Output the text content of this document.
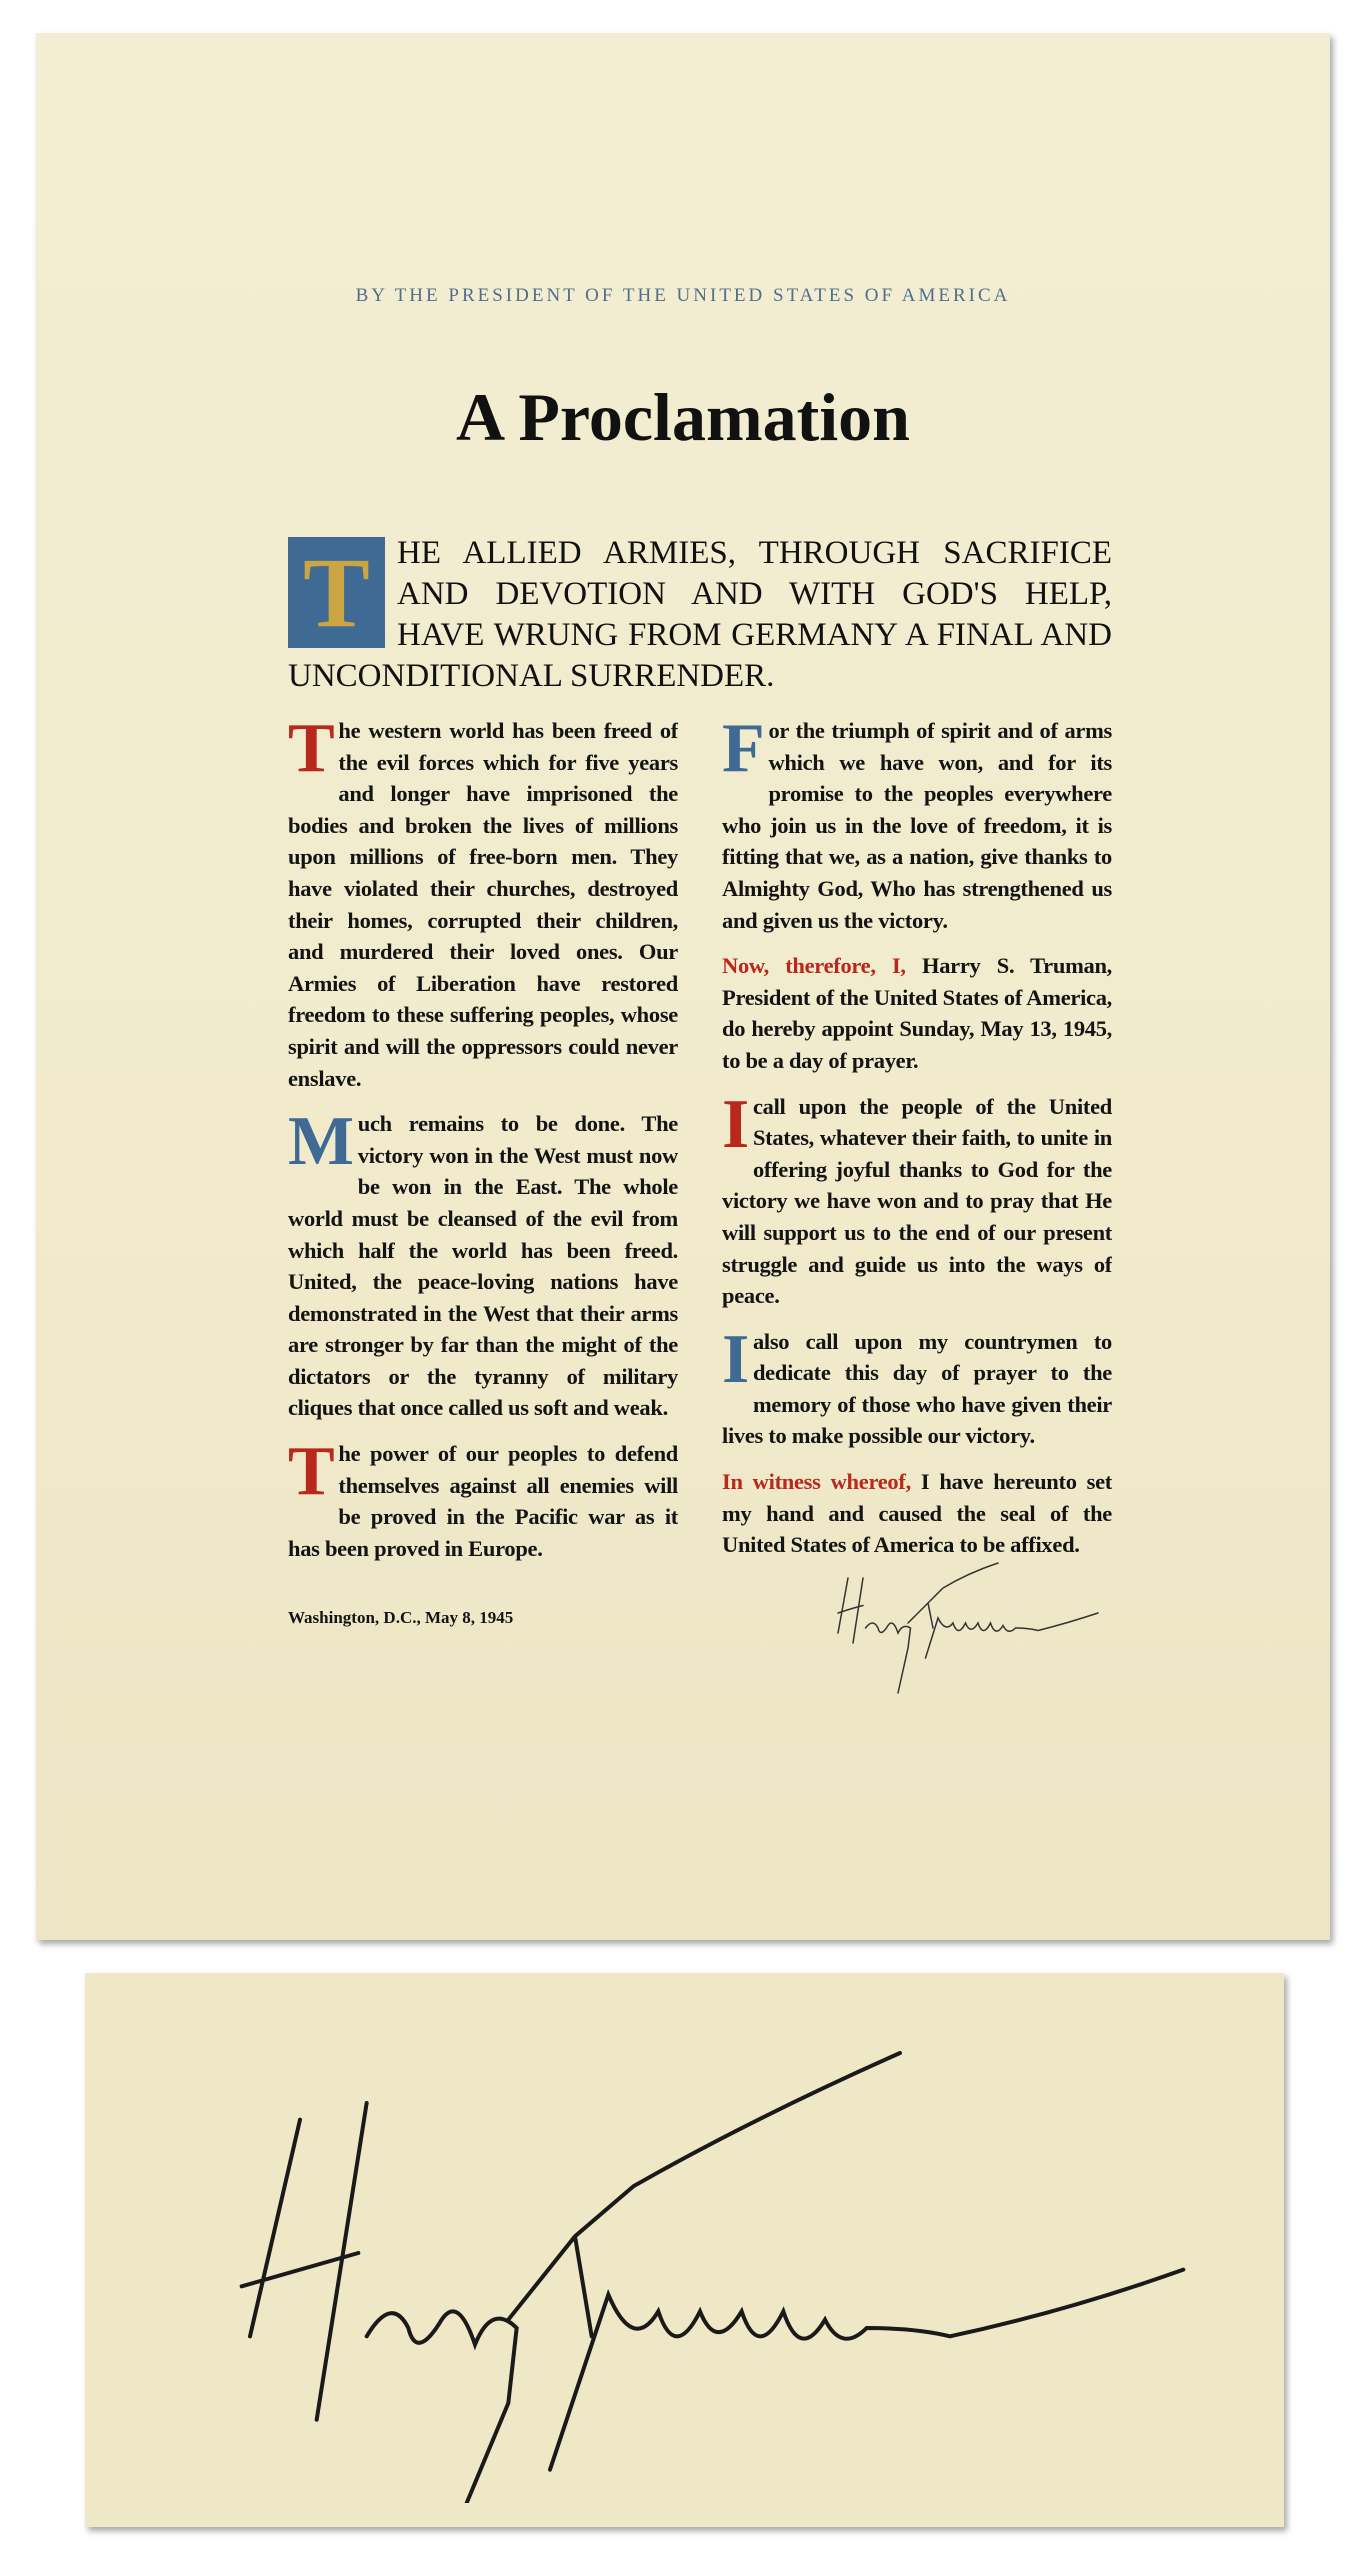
BY THE PRESIDENT OF THE UNITED STATES OF AMERICA
A Proclamation
T HE ALLIED ARMIES, THROUGH SACRIFICE AND DEVOTION AND WITH GOD'S HELP, HAVE WRUNG FROM GERMANY A FINAL AND UNCONDITIONAL SURRENDER.

The western world has been freed of the evil forces which for five years and longer have imprisoned the bodies and broken the lives of millions upon millions of free-born men. They have violated their churches, destroyed their homes, corrupted their children, and murdered their loved ones. Our Armies of Liberation have restored freedom to these suffering peoples, whose spirit and will the oppressors could never enslave.

Much remains to be done. The victory won in the West must now be won in the East. The whole world must be cleansed of the evil from which half the world has been freed. United, the peace-loving nations have demonstrated in the West that their arms are stronger by far than the might of the dictators or the tyranny of military cliques that once called us soft and weak.

The power of our peoples to defend themselves against all enemies will be proved in the Pacific war as it has been proved in Europe.

For the triumph of spirit and of arms which we have won, and for its promise to the peoples everywhere who join us in the love of freedom, it is fitting that we, as a nation, give thanks to Almighty God, Who has strengthened us and given us the victory.

Now, therefore, I, Harry S. Truman, President of the United States of America, do hereby appoint Sunday, May 13, 1945, to be a day of prayer.

I call upon the people of the United States, whatever their faith, to unite in offering joyful thanks to God for the victory we have won and to pray that He will support us to the end of our present struggle and guide us into the ways of peace.

I also call upon my countrymen to dedicate this day of prayer to the memory of those who have given their lives to make possible our victory.

In witness whereof, I have hereunto set my hand and caused the seal of the United States of America to be affixed.

Washington, D.C., May 8, 1945
